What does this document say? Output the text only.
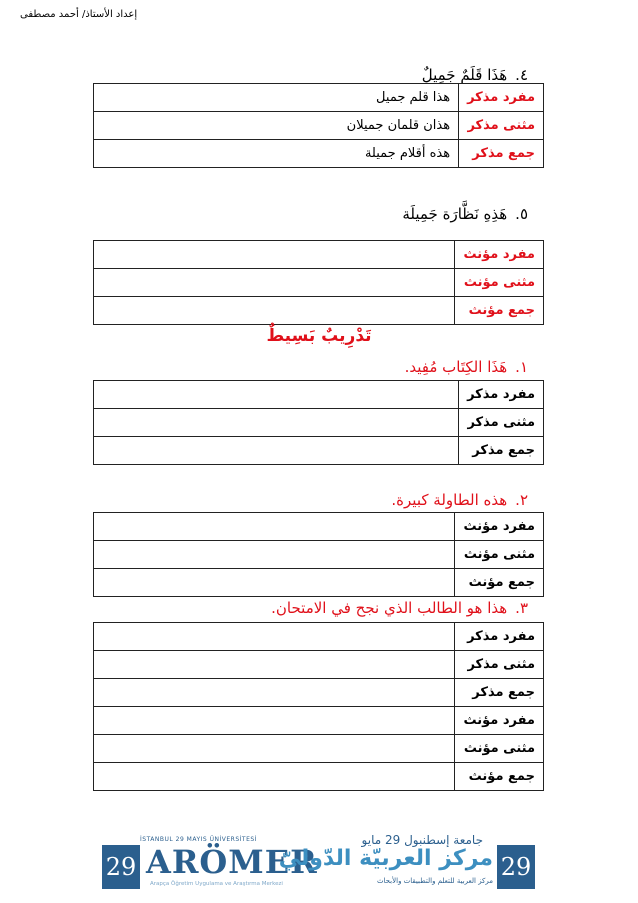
إعداد الأستاذ/ أحمد مصطفى
٤.هَذَا قَلَمٌ جَمِيلٌ
مفرد مذكر	هذا قلم جميل
مثنى مذكر	هذان قلمان جميلان
جمع مذكر	هذه أقلام جميلة
٥.هَذِهِ نَظَّارَة جَمِيلَة
مفرد مؤنث	
مثنى مؤنث	
جمع مؤنث	
تَدْرِيبٌ بَسِيطٌ
١.هَذَا الكِتَاب مُفِيد.
مفرد مذكر	
مثنى مذكر	
جمع مذكر	
٢.هذه الطاولة كبيرة.
مفرد مؤنث	
مثنى مؤنث	
جمع مؤنث	
٣.هذا هو الطالب الذي نجح في الامتحان.
مفرد مذكر	
مثنى مذكر	
جمع مذكر	
مفرد مؤنث	
مثنى مؤنث	
جمع مؤنث	
İSTANBUL 29 MAYIS ÜNİVERSİTESİ
29 ARÖMER
Arapça Öğretim Uygulama ve Araştırma Merkezi
جامعة إسطنبول 29 مايو
مركز العربيّة الدّوليّ
مركز العربية للتعلم والتطبيقات والأبحاث 29
